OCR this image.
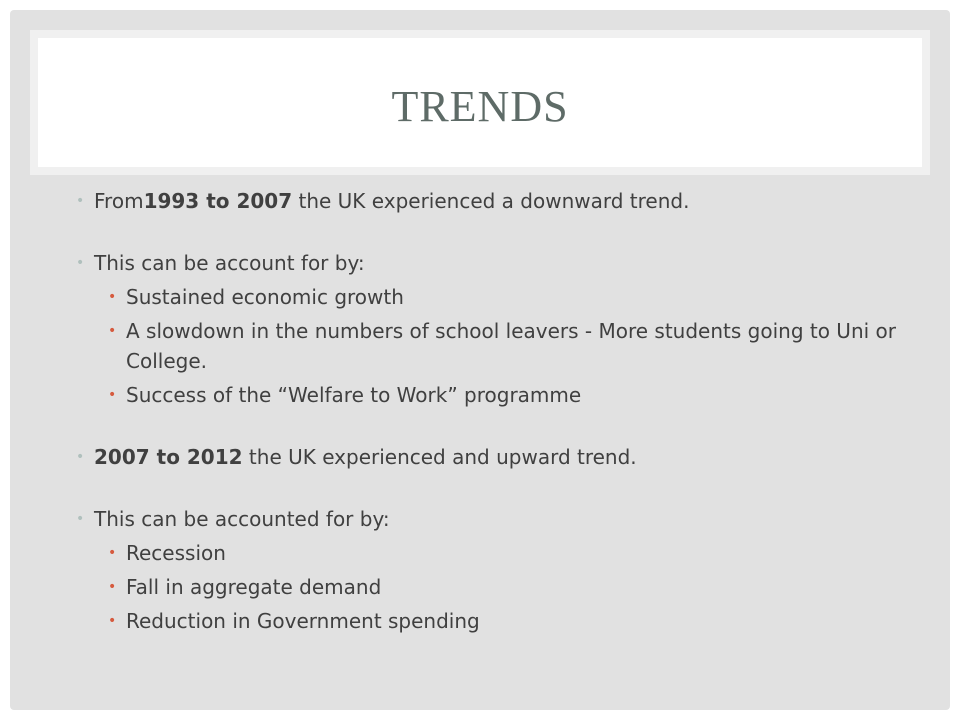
TRENDS
• From1993 to 2007 the UK experienced a downward trend.
• This can be account for by:
• Sustained economic growth
• A slowdown in the numbers of school leavers - More students going to Uni or College.
• Success of the “Welfare to Work” programme
• 2007 to 2012 the UK experienced and upward trend.
• This can be accounted for by:
• Recession
• Fall in aggregate demand
• Reduction in Government spending
